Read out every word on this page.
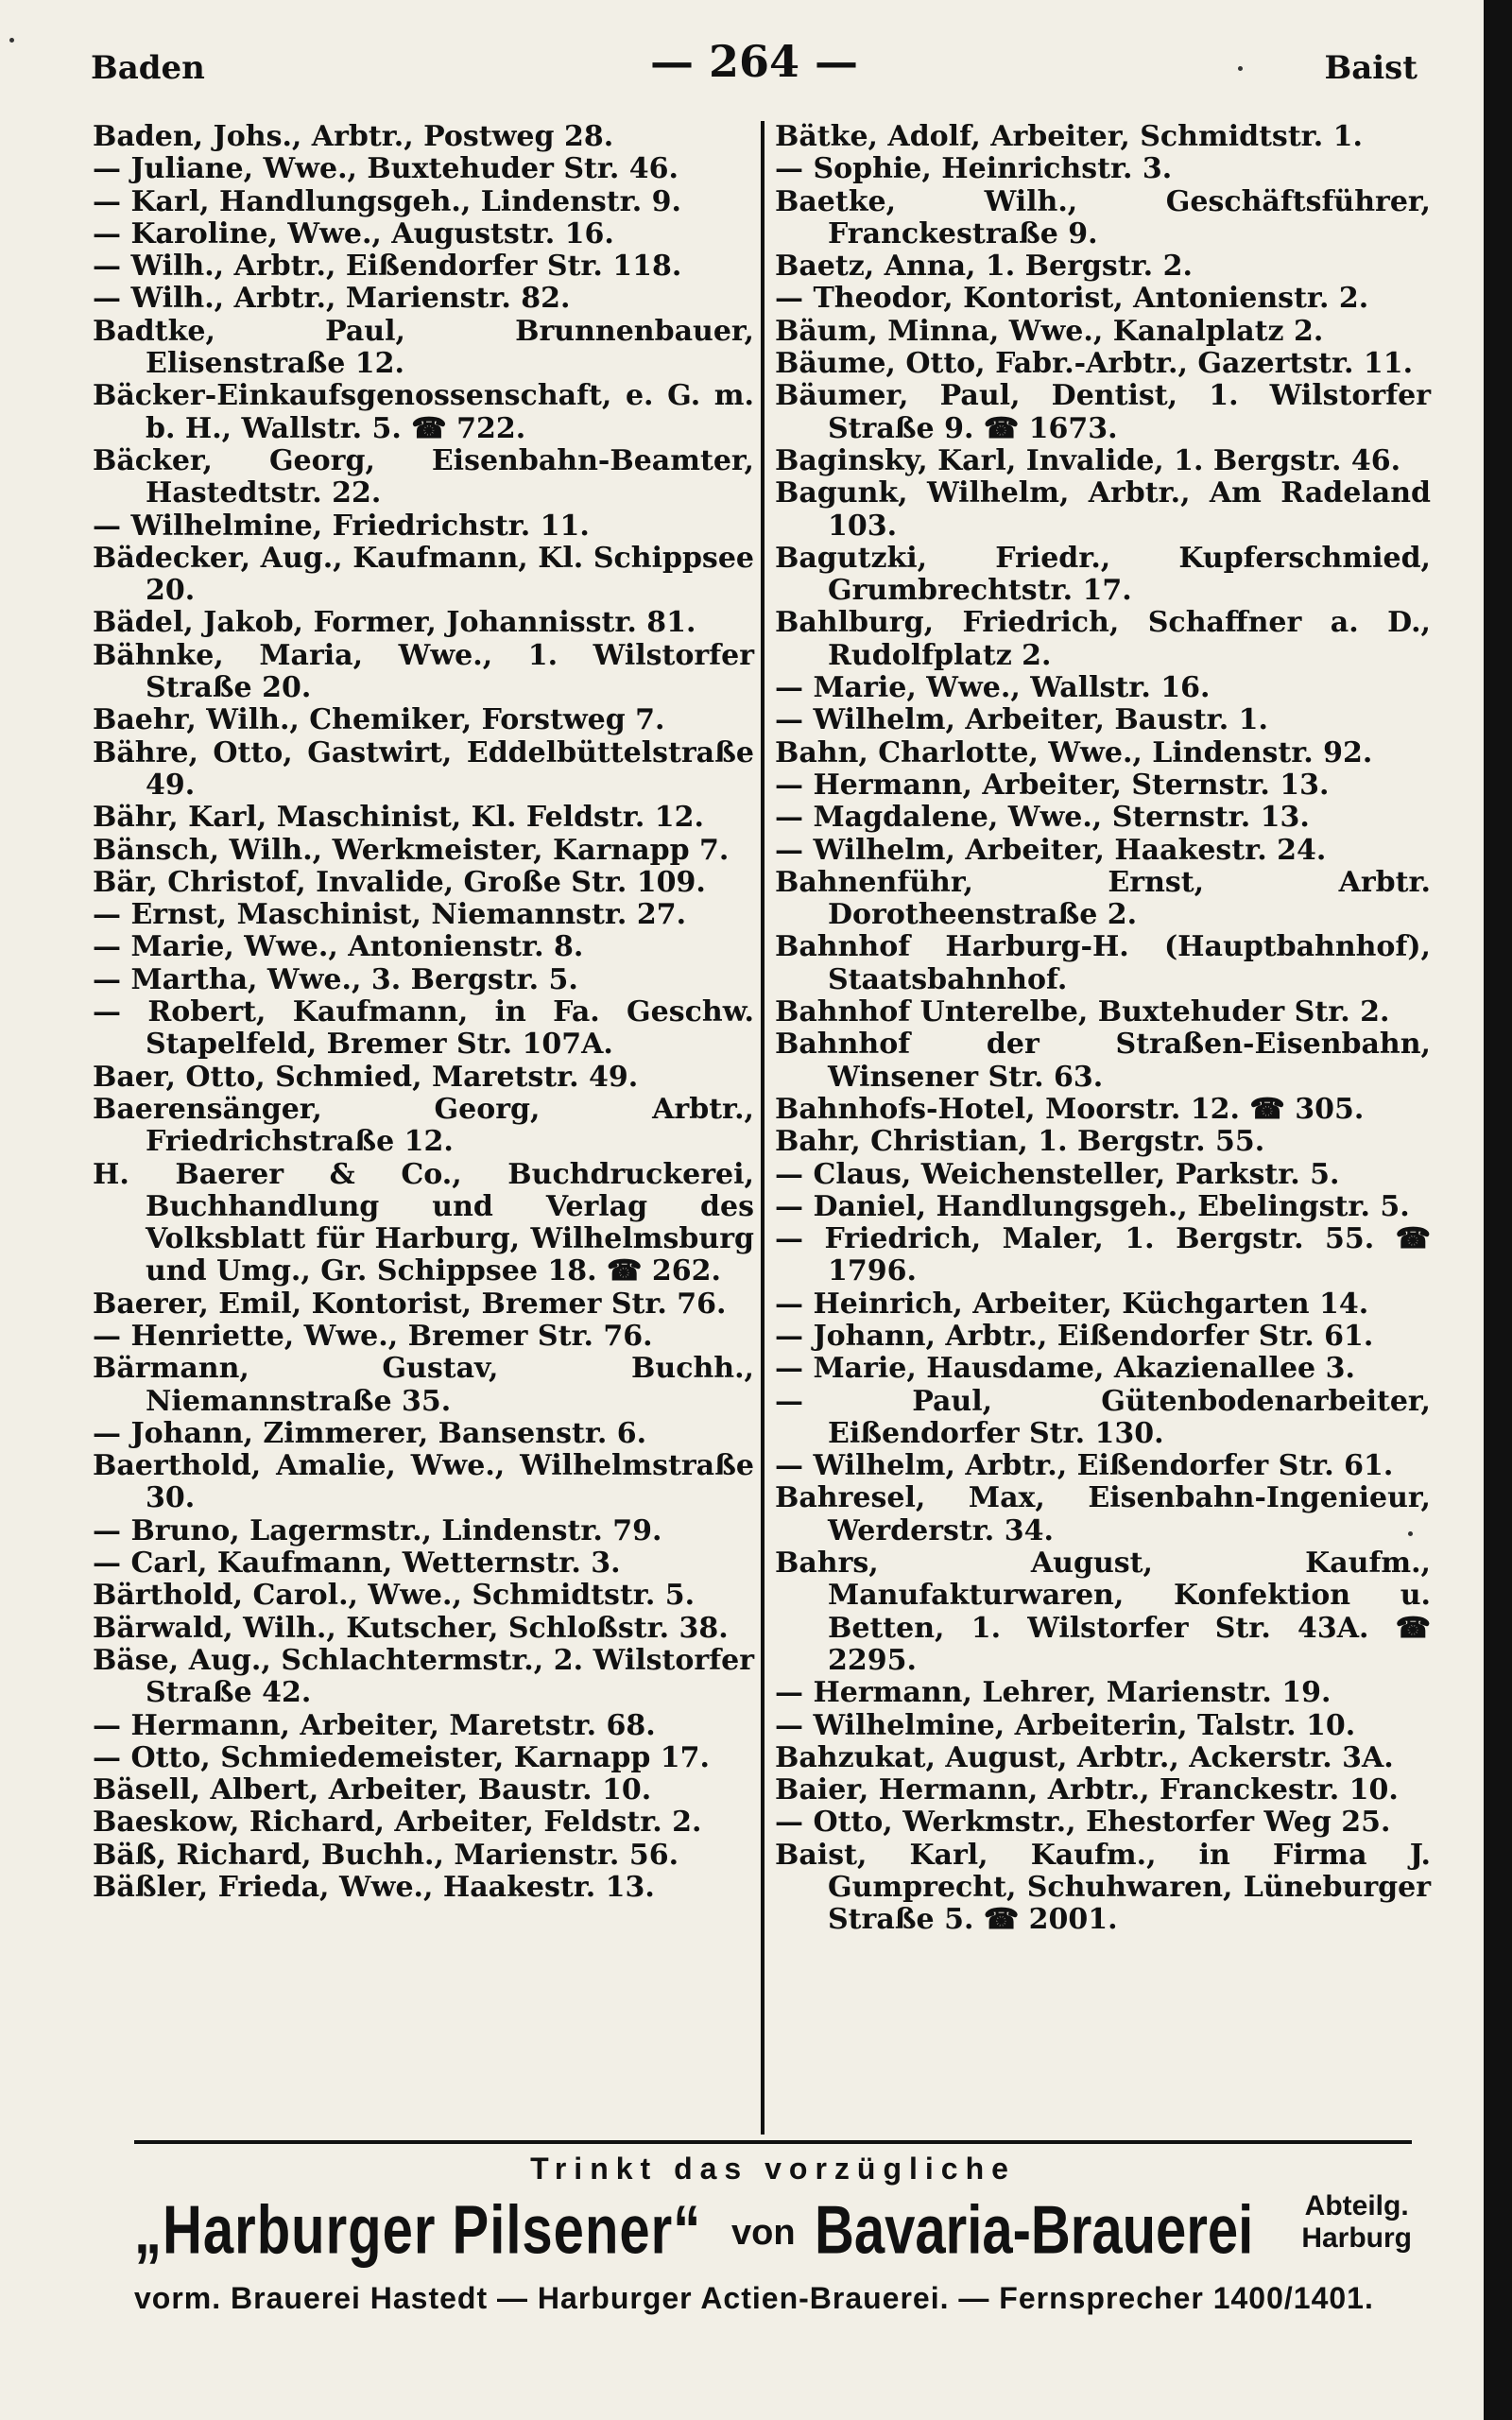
Baden	— 264 —	Baist
Baden, Johs., Arbtr., Postweg 28.
— Juliane, Wwe., Buxtehuder Str. 46.
— Karl, Handlungsgeh., Lindenstr. 9.
— Karoline, Wwe., Auguststr. 16.
— Wilh., Arbtr., Eißendorfer Str. 118.
— Wilh., Arbtr., Marienstr. 82.
Badtke, Paul, Brunnenbauer, Elisenstraße 12.
Bäcker-Einkaufsgenossenschaft, e. G. m. b. H., Wallstr. 5. ☎ 722.
Bäcker, Georg, Eisenbahn-Beamter, Hastedtstr. 22.
— Wilhelmine, Friedrichstr. 11.
Bädecker, Aug., Kaufmann, Kl. Schippsee 20.
Bädel, Jakob, Former, Johannisstr. 81.
Bähnke, Maria, Wwe., 1. Wilstorfer Straße 20.
Baehr, Wilh., Chemiker, Forstweg 7.
Bähre, Otto, Gastwirt, Eddelbüttelstraße 49.
Bähr, Karl, Maschinist, Kl. Feldstr. 12.
Bänsch, Wilh., Werkmeister, Karnapp 7.
Bär, Christof, Invalide, Große Str. 109.
— Ernst, Maschinist, Niemannstr. 27.
— Marie, Wwe., Antonienstr. 8.
— Martha, Wwe., 3. Bergstr. 5.
— Robert, Kaufmann, in Fa. Geschw. Stapelfeld, Bremer Str. 107A.
Baer, Otto, Schmied, Maretstr. 49.
Baerensänger, Georg, Arbtr., Friedrichstraße 12.
H. Baerer & Co., Buchdruckerei, Buchhandlung und Verlag des Volksblatt für Harburg, Wilhelmsburg und Umg., Gr. Schippsee 18. ☎ 262.
Baerer, Emil, Kontorist, Bremer Str. 76.
— Henriette, Wwe., Bremer Str. 76.
Bärmann, Gustav, Buchh., Niemannstraße 35.
— Johann, Zimmerer, Bansenstr. 6.
Baerthold, Amalie, Wwe., Wilhelmstraße 30.
— Bruno, Lagermstr., Lindenstr. 79.
— Carl, Kaufmann, Wetternstr. 3.
Bärthold, Carol., Wwe., Schmidtstr. 5.
Bärwald, Wilh., Kutscher, Schloßstr. 38.
Bäse, Aug., Schlachtermstr., 2. Wilstorfer Straße 42.
— Hermann, Arbeiter, Maretstr. 68.
— Otto, Schmiedemeister, Karnapp 17.
Bäsell, Albert, Arbeiter, Baustr. 10.
Baeskow, Richard, Arbeiter, Feldstr. 2.
Bäß, Richard, Buchh., Marienstr. 56.
Bäßler, Frieda, Wwe., Haakestr. 13.
Bätke, Adolf, Arbeiter, Schmidtstr. 1.
— Sophie, Heinrichstr. 3.
Baetke, Wilh., Geschäftsführer, Franckestraße 9.
Baetz, Anna, 1. Bergstr. 2.
— Theodor, Kontorist, Antonienstr. 2.
Bäum, Minna, Wwe., Kanalplatz 2.
Bäume, Otto, Fabr.-Arbtr., Gazertstr. 11.
Bäumer, Paul, Dentist, 1. Wilstorfer Straße 9. ☎ 1673.
Baginsky, Karl, Invalide, 1. Bergstr. 46.
Bagunk, Wilhelm, Arbtr., Am Radeland 103.
Bagutzki, Friedr., Kupferschmied, Grumbrechtstr. 17.
Bahlburg, Friedrich, Schaffner a. D., Rudolfplatz 2.
— Marie, Wwe., Wallstr. 16.
— Wilhelm, Arbeiter, Baustr. 1.
Bahn, Charlotte, Wwe., Lindenstr. 92.
— Hermann, Arbeiter, Sternstr. 13.
— Magdalene, Wwe., Sternstr. 13.
— Wilhelm, Arbeiter, Haakestr. 24.
Bahnenführ, Ernst, Arbtr. Dorotheenstraße 2.
Bahnhof Harburg-H. (Hauptbahnhof), Staatsbahnhof.
Bahnhof Unterelbe, Buxtehuder Str. 2.
Bahnhof der Straßen-Eisenbahn, Winsener Str. 63.
Bahnhofs-Hotel, Moorstr. 12. ☎ 305.
Bahr, Christian, 1. Bergstr. 55.
— Claus, Weichensteller, Parkstr. 5.
— Daniel, Handlungsgeh., Ebelingstr. 5.
— Friedrich, Maler, 1. Bergstr. 55. ☎ 1796.
— Heinrich, Arbeiter, Küchgarten 14.
— Johann, Arbtr., Eißendorfer Str. 61.
— Marie, Hausdame, Akazienallee 3.
— Paul, Gütenbodenarbeiter, Eißendorfer Str. 130.
— Wilhelm, Arbtr., Eißendorfer Str. 61.
Bahresel, Max, Eisenbahn-Ingenieur, Werderstr. 34.
Bahrs, August, Kaufm., Manufakturwaren, Konfektion u. Betten, 1. Wilstorfer Str. 43A. ☎ 2295.
— Hermann, Lehrer, Marienstr. 19.
— Wilhelmine, Arbeiterin, Talstr. 10.
Bahzukat, August, Arbtr., Ackerstr. 3A.
Baier, Hermann, Arbtr., Franckestr. 10.
— Otto, Werkmstr., Ehestorfer Weg 25.
Baist, Karl, Kaufm., in Firma J. Gumprecht, Schuhwaren, Lüneburger Straße 5. ☎ 2001.
Trinkt das vorzügliche
„Harburger Pilsener“ von Bavaria-Brauerei Abteilg.
Harburg
vorm. Brauerei Hastedt — Harburger Actien-Brauerei. — Fernsprecher 1400/1401.
